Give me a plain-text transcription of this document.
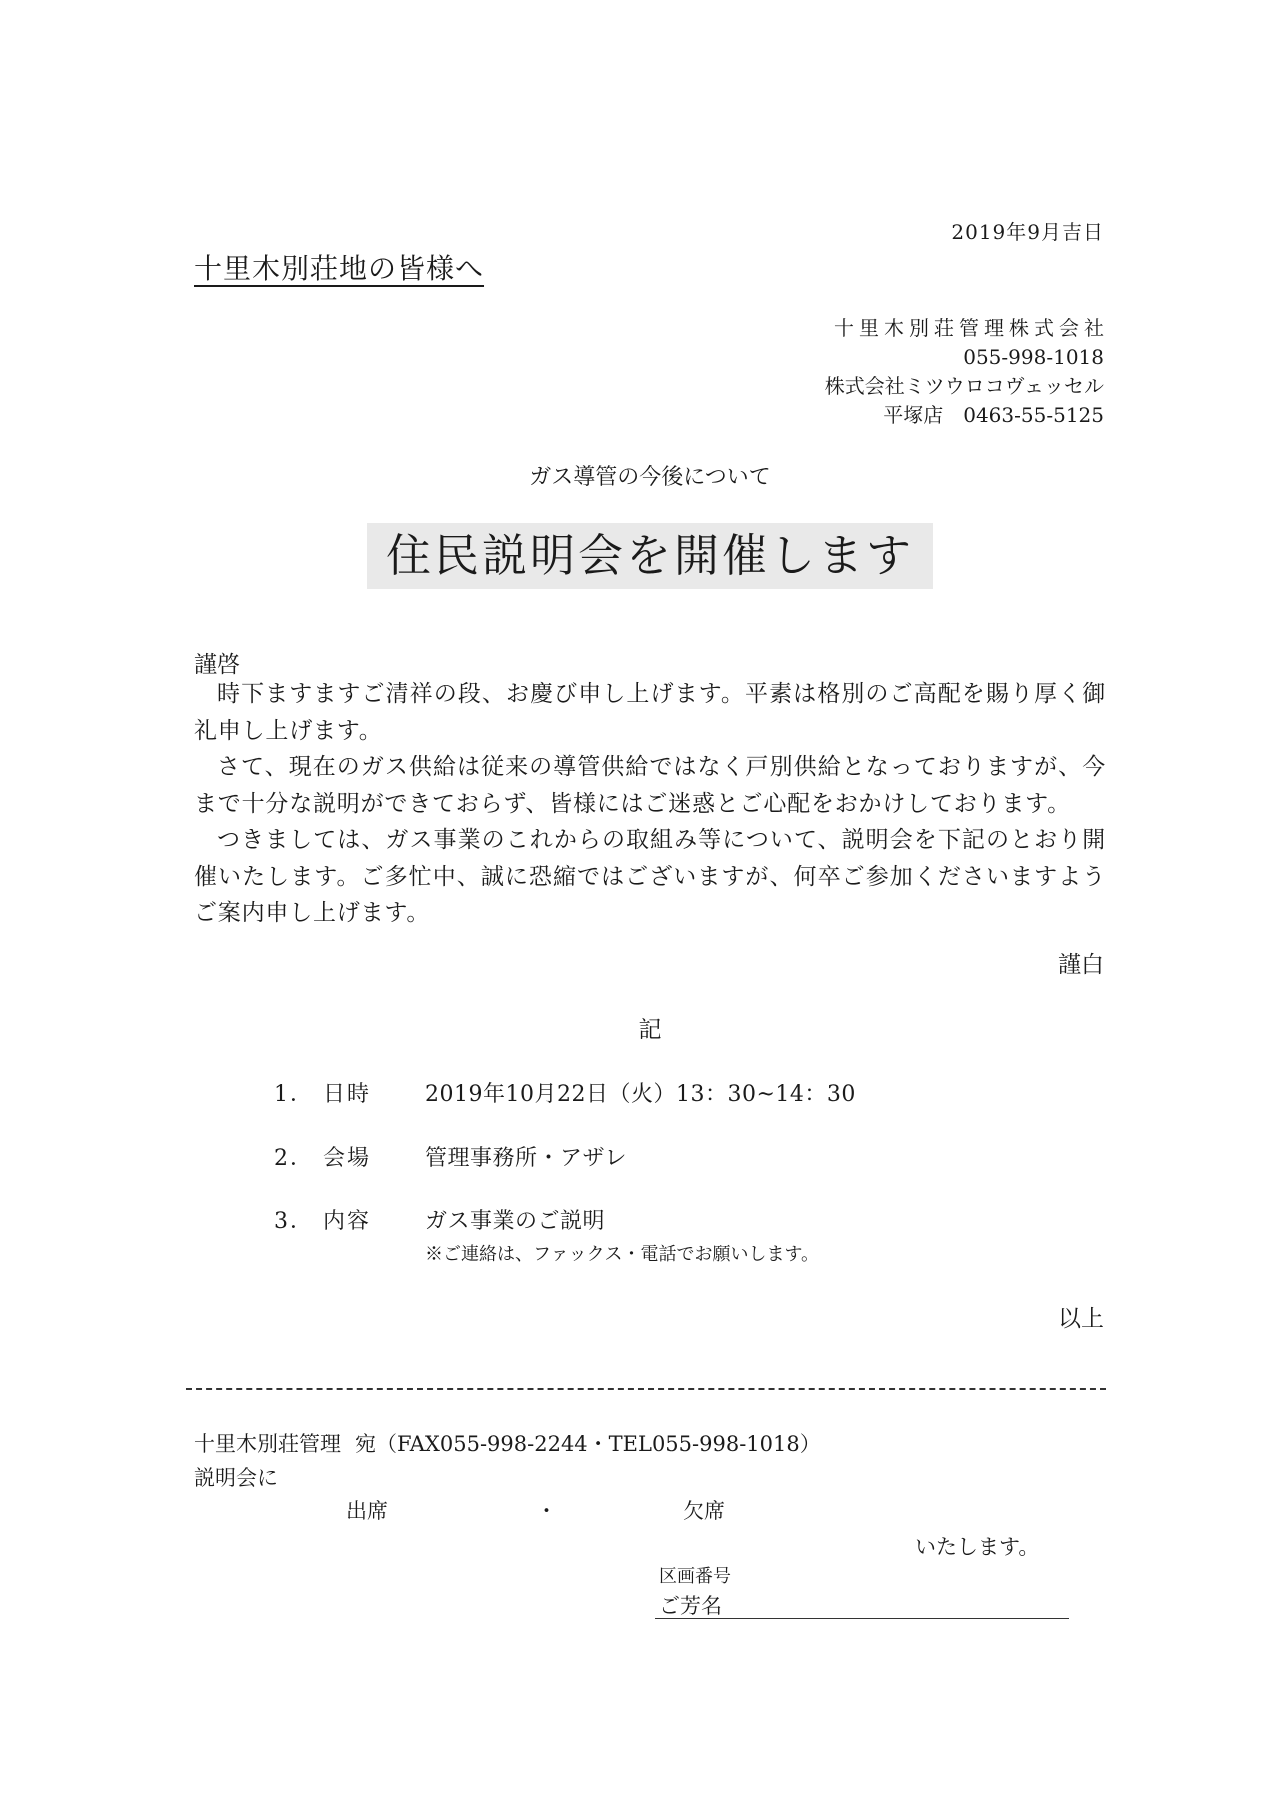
2019年9月吉日
十里木別荘地の皆様へ
十里木別荘管理株式会社
055-998-1018
株式会社ミツウロコヴェッセル
平塚店 0463-55-5125
ガス導管の今後について
住民説明会を開催します
謹啓

時下ますますご清祥の段、お慶び申し上げます。平素は格別のご高配を賜り厚く御礼申し上げます。

さて、現在のガス供給は従来の導管供給ではなく戸別供給となっておりますが、今まで十分な説明ができておらず、皆様にはご迷惑とご心配をおかけしております。

つきましては、ガス事業のこれからの取組み等について、説明会を下記のとおり開催いたします。ご多忙中、誠に恐縮ではございますが、何卒ご参加くださいますようご案内申し上げます。

謹白
記
1． 日時 2019年10月22日（火）13：30~14：30
2． 会場 管理事務所・アザレ
3． 内容 ガス事業のご説明
※ご連絡は、ファックス・電話でお願いします。
以上
十里木別荘管理 宛（FAX055-998-2244・TEL055-998-1018）
説明会に
出席	・	欠席
いたします。
区画番号
ご芳名
